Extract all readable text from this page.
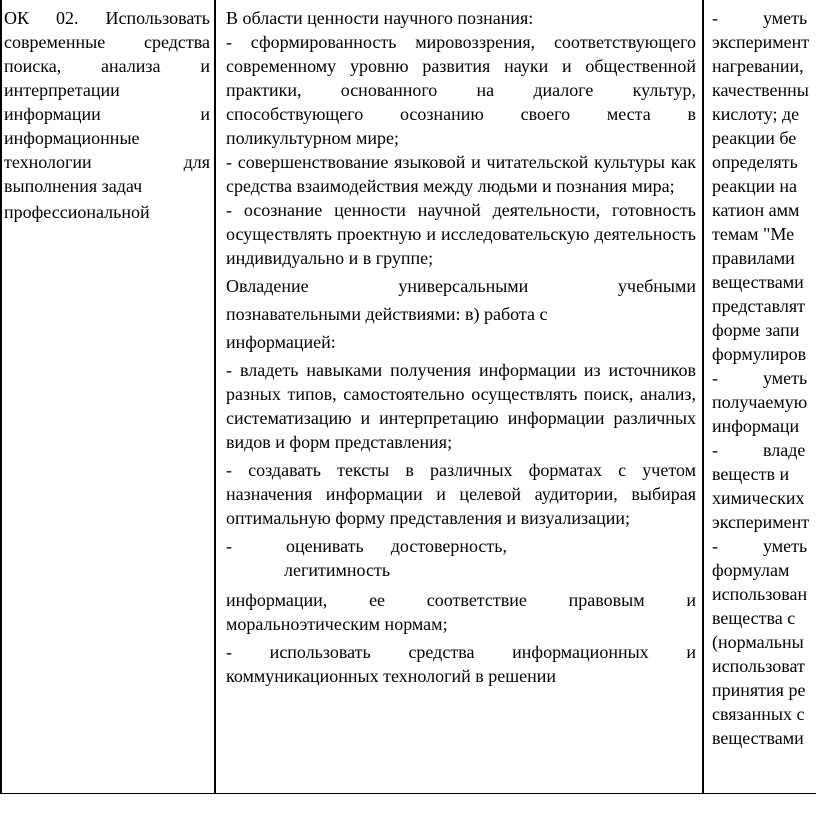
ОК 02. Использовать
современные средства
поиска, анализа и
интерпретации
информации и
информационные
технологии для
выполнения задач
профессиональной

В области ценности научного познания:

- сформированность мировоззрения, соответствующего современному уровню развития науки и общественной практики, основанного на диалоге культур, способствующего осознанию своего места в поликультурном мире;

- совершенствование языковой и читательской культуры как средства взаимодействия между людьми и познания мира;

- осознание ценности научной деятельности, готовность осуществлять проектную и исследовательскую деятельность индивидуально и в группе;

Овладение универсальными учебными
познавательными действиями: в) работа с
информацией:

- владеть навыками получения информации из источников разных типов, самостоятельно осуществлять поиск, анализ, систематизацию и интерпретацию информации различных видов и форм представления;

- создавать тексты в различных форматах с учетом назначения информации и целевой аудитории, выбирая оптимальную форму представления и визуализации;

-            оценивать      достоверность,
легитимность

информации, ее соответствие правовым и моральноэтическим нормам;

- использовать средства информационных и коммуникационных технологий в решении

-          уметь
эксперимент
нагревании,
качественны
кислоту; де
реакции бе
определять
реакции на
катион амм
темам "Ме
правилами
веществами
представлят
форме запи
формулиров
-          уметь
получаемую
информаци
-          владе
веществ и
химических
эксперимент
-          уметь
формулам
использован
вещества с
(нормальны
использоват
принятия ре
связанных с
веществами
